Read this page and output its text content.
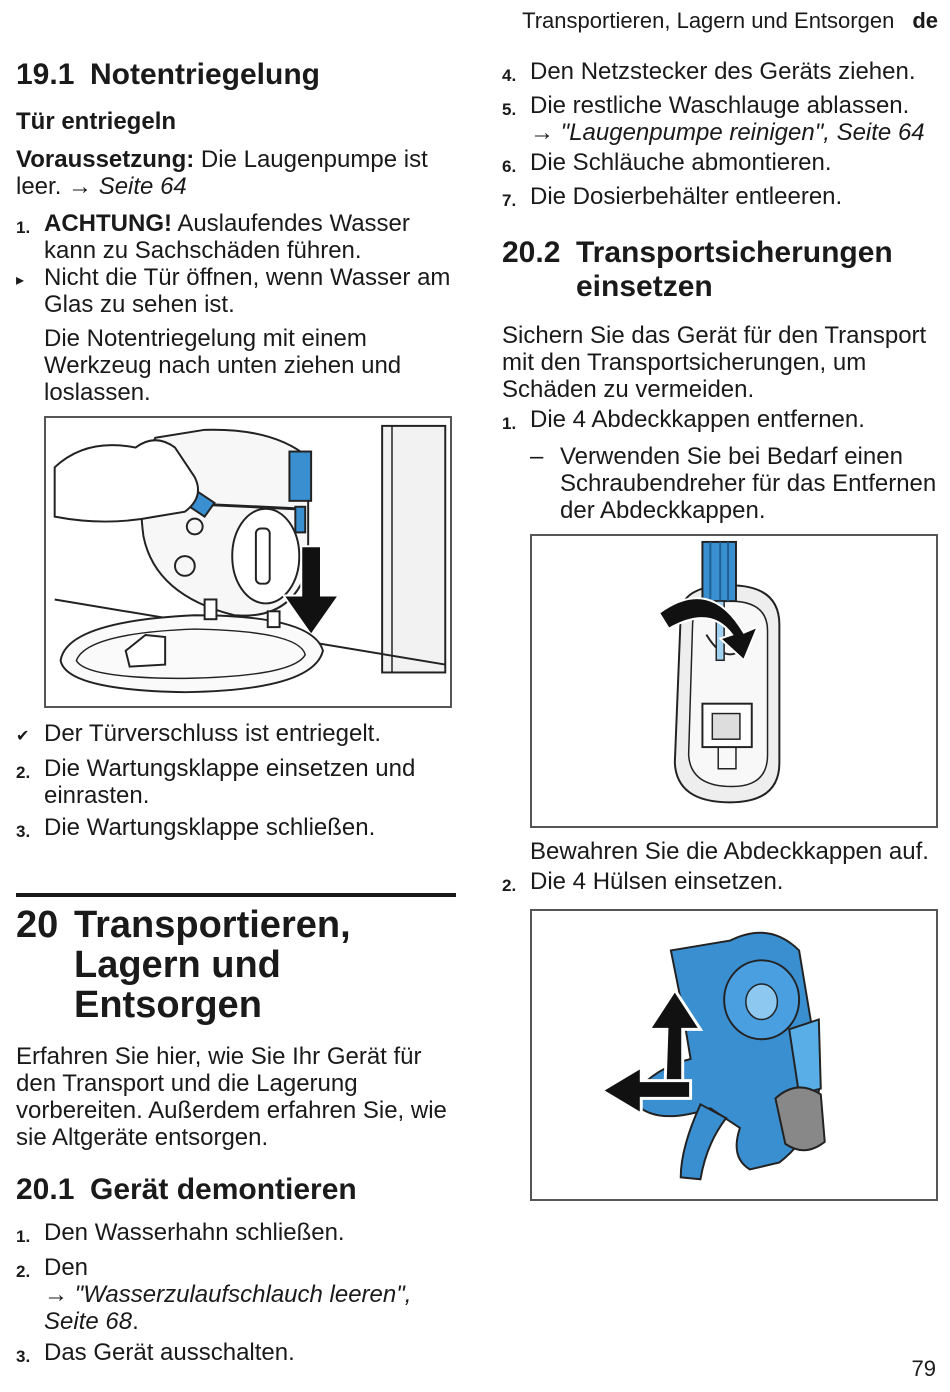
Transportieren, Lagern und Entsorgen de
19.1 Notentriegelung
Tür entriegeln

Voraussetzung: Die Laugenpumpe ist leer. → Seite 64

1. ACHTUNG! Auslaufendes Wasser kann zu Sachschäden führen.
▸ Nicht die Tür öffnen, wenn Wasser am Glas zu sehen ist.

Die Notentriegelung mit einem Werkzeug nach unten ziehen und loslassen.

✔ Der Türverschluss ist entriegelt.
2. Die Wartungsklappe einsetzen und einrasten.
3. Die Wartungsklappe schließen.
20 Transportieren,
Lagern und Entsorgen

Erfahren Sie hier, wie Sie Ihr Gerät für den Transport und die Lagerung vorbereiten. Außerdem erfahren Sie, wie sie Altgeräte entsorgen.

20.1 Gerät demontieren
1. Den Wasserhahn schließen.
2. Den
→ "Wasserzulaufschlauch leeren", Seite 68.
3. Das Gerät ausschalten.
4. Den Netzstecker des Geräts ziehen.
5. Die restliche Waschlauge ablassen.
→ "Laugenpumpe reinigen", Seite 64
6. Die Schläuche abmontieren.
7. Die Dosierbehälter entleeren.
20.2 Transportsicherungen einsetzen

Sichern Sie das Gerät für den Transport mit den Transportsicherungen, um Schäden zu vermeiden.

1. Die 4 Abdeckkappen entfernen.
– Verwenden Sie bei Bedarf einen Schraubendreher für das Entfernen der Abdeckkappen.

Bewahren Sie die Abdeckkappen auf.

2. Die 4 Hülsen einsetzen.
79
